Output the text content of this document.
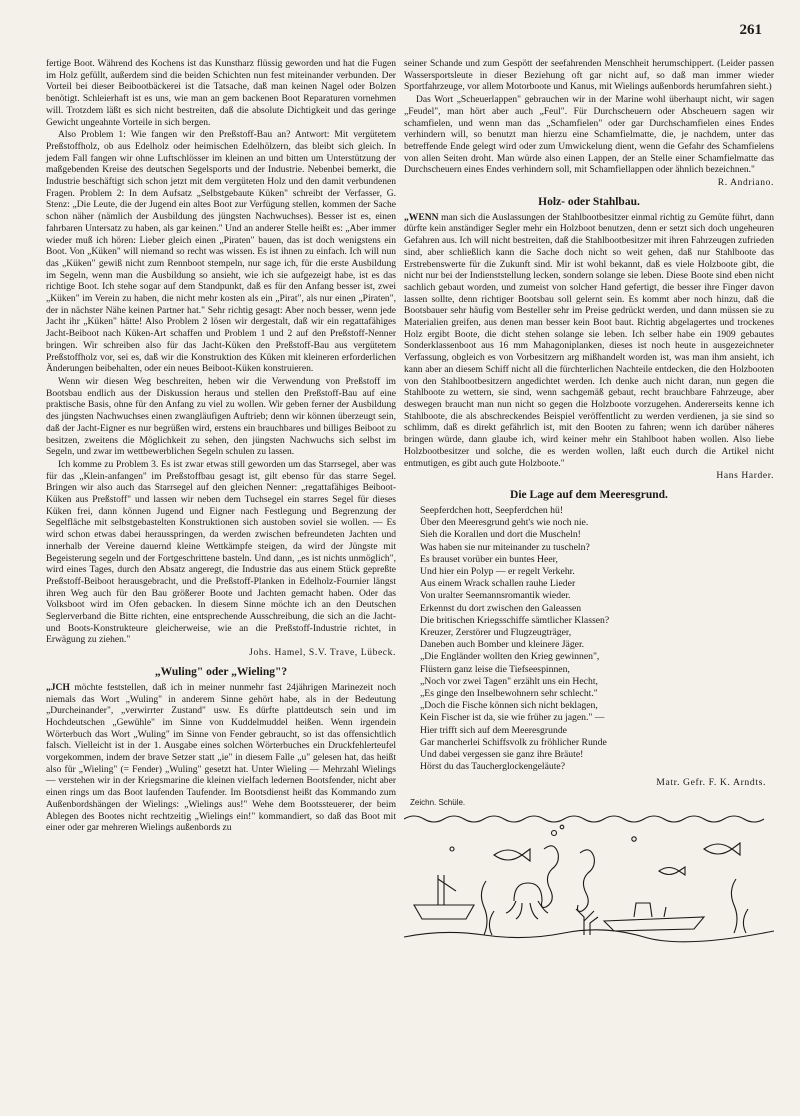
261

fertige Boot. Während des Kochens ist das Kunstharz flüssig geworden und hat die Fugen im Holz gefüllt, außerdem sind die beiden Schichten nun fest miteinander verbunden. Der Vorteil bei dieser Beibootbäckerei ist die Tatsache, daß man keinen Nagel oder Bolzen benötigt. Schleierhaft ist es uns, wie man an gem backenen Boot Reparaturen vornehmen will. Trotzdem läßt es sich nicht bestreiten, daß die absolute Dichtigkeit und das geringe Gewicht ungeahnte Vorteile in sich bergen.

Also Problem 1: Wie fangen wir den Preßstoff-Bau an? Antwort: Mit vergütetem Preßstoffholz, ob aus Edelholz oder heimischen Edelhölzern, das bleibt sich gleich. In jedem Fall fangen wir ohne Luftschlösser im kleinen an und bitten um Unterstützung der maßgebenden Kreise des deutschen Segelsports und der Industrie. Nebenbei bemerkt, die Industrie beschäftigt sich schon jetzt mit dem vergüteten Holz und den damit verbundenen Fragen. Problem 2: In dem Aufsatz „Selbstgebaute Küken" schreibt der Verfasser, G. Stenz: „Die Leute, die der Jugend ein altes Boot zur Verfügung stellen, kommen der Sache schon näher (nämlich der Ausbildung des jüngsten Nachwuchses). Besser ist es, einen fahrbaren Untersatz zu haben, als gar keinen." Und an anderer Stelle heißt es: „Aber immer wieder muß ich hören: Lieber gleich einen „Piraten" bauen, das ist doch wenigstens ein Boot. Von „Küken" will niemand so recht was wissen. Es ist ihnen zu einfach. Ich will nun das „Küken" gewiß nicht zum Rennboot stempeln, nur sage ich, für die erste Ausbildung im Segeln, wenn man die Ausbildung so ansieht, wie ich sie aufgezeigt habe, ist es das richtige Boot. Ich stehe sogar auf dem Standpunkt, daß es für den Anfang besser ist, zwei „Küken" im Verein zu haben, die nicht mehr kosten als ein „Pirat", als nur einen „Piraten", der in nächster Nähe keinen Partner hat." Sehr richtig gesagt: Aber noch besser, wenn jede Jacht ihr „Küken" hätte! Also Problem 2 lösen wir dergestalt, daß wir ein regattafähiges Jacht-Beiboot nach Küken-Art schaffen und Problem 1 und 2 auf den Preßstoff-Nenner bringen. Wir schreiben also für das Jacht-Küken den Preßstoff-Bau aus vergütetem Preßstoffholz vor, sei es, daß wir die Konstruktion des Küken mit kleineren erforderlichen Änderungen beibehalten, oder ein neues Beiboot-Küken konstruieren.

Wenn wir diesen Weg beschreiten, heben wir die Verwendung von Preßstoff im Bootsbau endlich aus der Diskussion heraus und stellen den Preßstoff-Bau auf eine praktische Basis, ohne für den Anfang zu viel zu wollen. Wir geben ferner der Ausbildung des jüngsten Nachwuchses einen zwangläufigen Auftrieb; denn wir können überzeugt sein, daß der Jacht-Eigner es nur begrüßen wird, erstens ein brauchbares und billiges Beiboot zu besitzen, zweitens die Möglichkeit zu sehen, den jüngsten Nachwuchs sich selbst im Segeln, und zwar im wettbewerblichen Segeln schulen zu lassen.

Ich komme zu Problem 3. Es ist zwar etwas still geworden um das Starrsegel, aber was für das „Klein-anfangen" im Preßstoffbau gesagt ist, gilt ebenso für das starre Segel. Bringen wir also auch das Starrsegel auf den gleichen Nenner: „regattafähiges Beiboot-Küken aus Preßstoff" und lassen wir neben dem Tuchsegel ein starres Segel für dieses Küken frei, dann können Jugend und Eigner nach Festlegung und Begrenzung der Segelfläche mit selbstgebastelten Konstruktionen sich austoben soviel sie wollen. — Es wird schon etwas dabei herausspringen, da werden zwischen befreundeten Jachten und innerhalb der Vereine dauernd kleine Wettkämpfe steigen, da wird der Jüngste mit Begeisterung segeln und der Fortgeschrittene basteln. Und dann, „es ist nichts unmöglich", wird eines Tages, durch den Absatz angeregt, die Industrie das aus einem Stück gepreßte Preßstoff-Beiboot herausgebracht, und die Preßstoff-Planken in Edelholz-Fournier längst ihren Weg auch für den Bau größerer Boote und Jachten gemacht haben. Oder das Volksboot wird im Ofen gebacken. In diesem Sinne möchte ich an den Deutschen Seglerverband die Bitte richten, eine entsprechende Ausschreibung, die sich an die Jacht- und Boots-Konstrukteure gleicherweise, wie an die Preßstoff-Industrie richtet, in Erwägung zu ziehen."

Johs. Hamel, S.V. Trave, Lübeck.
„Wuling" oder „Wieling"?

„JCH möchte feststellen, daß ich in meiner nunmehr fast 24jährigen Marinezeit noch niemals das Wort „Wuling" in anderem Sinne gehört habe, als in der Bedeutung „Durcheinander", „verwirrter Zustand" usw. Es dürfte plattdeutsch sein und im Hochdeutschen „Gewühle" im Sinne von Kuddelmuddel heißen. Wenn irgendein Wörterbuch das Wort „Wuling" im Sinne von Fender gebraucht, so ist das offensichtlich falsch. Vielleicht ist in der 1. Ausgabe eines solchen Wörterbuches ein Druckfehlerteufel vorgekommen, indem der brave Setzer statt „ie" in diesem Falle „u" gelesen hat, das heißt also für „Wieling" (= Fender) „Wuling" gesetzt hat. Unter Wieling — Mehrzahl Wielings — verstehen wir in der Kriegsmarine die kleinen vielfach ledernen Bootsfender, nicht aber einen rings um das Boot laufenden Taufender. Im Bootsdienst heißt das Kommando zum Außenbordshängen der Wielings: „Wielings aus!" Wehe dem Bootssteuerer, der beim Ablegen des Bootes nicht rechtzeitig „Wielings ein!" kommandiert, so daß das Boot mit einer oder gar mehreren Wielings außenbords zu

seiner Schande und zum Gespött der seefahrenden Menschheit herumschippert. (Leider passen Wassersportsleute in dieser Beziehung oft gar nicht auf, so daß man immer wieder Sportfahrzeuge, vor allem Motorboote und Kanus, mit Wielings außenbords herumfahren sieht.)

Das Wort „Scheuerlappen" gebrauchen wir in der Marine wohl überhaupt nicht, wir sagen „Feudel", man hört aber auch „Feul". Für Durchscheuern oder Abscheuern sagen wir schamfielen, und wenn man das „Schamfielen" oder gar Durchschamfielen eines Endes verhindern will, so benutzt man hierzu eine Schamfielmatte, die, je nachdem, unter das betreffende Ende gelegt wird oder zum Umwickelung dient, wenn die Gefahr des Schamfielens von allen Seiten droht. Man würde also einen Lappen, der an Stelle einer Schamfielmatte das Durchscheuern eines Endes verhindern soll, mit Schamfiellappen oder ähnlich bezeichnen."

R. Andriano.
Holz- oder Stahlbau.

„WENN man sich die Auslassungen der Stahlbootbesitzer einmal richtig zu Gemüte führt, dann dürfte kein anständiger Segler mehr ein Holzboot benutzen, denn er setzt sich doch ungeheuren Gefahren aus. Ich will nicht bestreiten, daß die Stahlbootbesitzer mit ihren Fahrzeugen zufrieden sind, aber schließlich kann die Sache doch nicht so weit gehen, daß nur Stahlboote das Erstrebenswerte für die Zukunft sind. Mir ist wohl bekannt, daß es viele Holzboote gibt, die nicht nur bei der Indienststellung lecken, sondern solange sie leben. Diese Boote sind eben nicht sachlich gebaut worden, und zumeist von solcher Hand gefertigt, die besser ihre Finger davon lassen sollte, denn richtiger Bootsbau soll gelernt sein. Es kommt aber noch hinzu, daß die Bootsbauer sehr häufig vom Besteller sehr im Preise gedrückt werden, und dann müssen sie zu Materialien greifen, aus denen man besser kein Boot baut. Richtig abgelagertes und trockenes Holz ergibt Boote, die dicht stehen solange sie leben. Ich selber habe ein 1909 gebautes Sonderklassenboot aus 16 mm Mahagoniplanken, dieses ist noch heute in ausgezeichneter Verfassung, obgleich es von Vorbesitzern arg mißhandelt worden ist, was man ihm ansieht, ich kann aber an diesem Schiff nicht all die fürchterlichen Nachteile entdecken, die den Holzbooten von den Stahlbootbesitzern angedichtet werden. Ich denke auch nicht daran, nun gegen die Stahlboote zu wettern, sie sind, wenn sachgemäß gebaut, recht brauchbare Fahrzeuge, aber deswegen braucht man nun nicht so gegen die Holzboote vorzugehen. Andererseits kenne ich Stahlboote, die als abschreckendes Beispiel veröffentlicht zu werden verdienen, ja sie sind so schlimm, daß es direkt gefährlich ist, mit den Booten zu fahren; wenn ich darüber näheres bringen würde, dann glaube ich, wird keiner mehr ein Stahlboot haben wollen. Also liebe Holzbootbesitzer und solche, die es werden wollen, laßt euch durch die Artikel nicht entmutigen, es gibt auch gute Holzboote."

Hans Harder.
Die Lage auf dem Meeresgrund.
Seepferdchen hott, Seepferdchen hü!
Über den Meeresgrund geht's wie noch nie.
Sieh die Korallen und dort die Muscheln!
Was haben sie nur miteinander zu tuscheln?
Es brauset vorüber ein buntes Heer,
Und hier ein Polyp — er regelt Verkehr.
Aus einem Wrack schallen rauhe Lieder
Von uralter Seemannsromantik wieder.
Erkennst du dort zwischen den Galeassen
Die britischen Kriegsschiffe sämtlicher Klassen?
Kreuzer, Zerstörer und Flugzeugträger,
Daneben auch Bomber und kleinere Jäger.
„Die Engländer wollten den Krieg gewinnen",
Flüstern ganz leise die Tiefseespinnen,
„Noch vor zwei Tagen" erzählt uns ein Hecht,
„Es ginge den Inselbewohnern sehr schlecht."
„Doch die Fische können sich nicht beklagen,
Kein Fischer ist da, sie wie früher zu jagen." —
Hier trifft sich auf dem Meeresgrunde
Gar mancherlei Schiffsvolk zu fröhlicher Runde
Und dabei vergessen sie ganz ihre Bräute!
Hörst du das Taucherglockengeläute?
Matr. Gefr. F. K. Arndts.
Zeichn. Schüle.
